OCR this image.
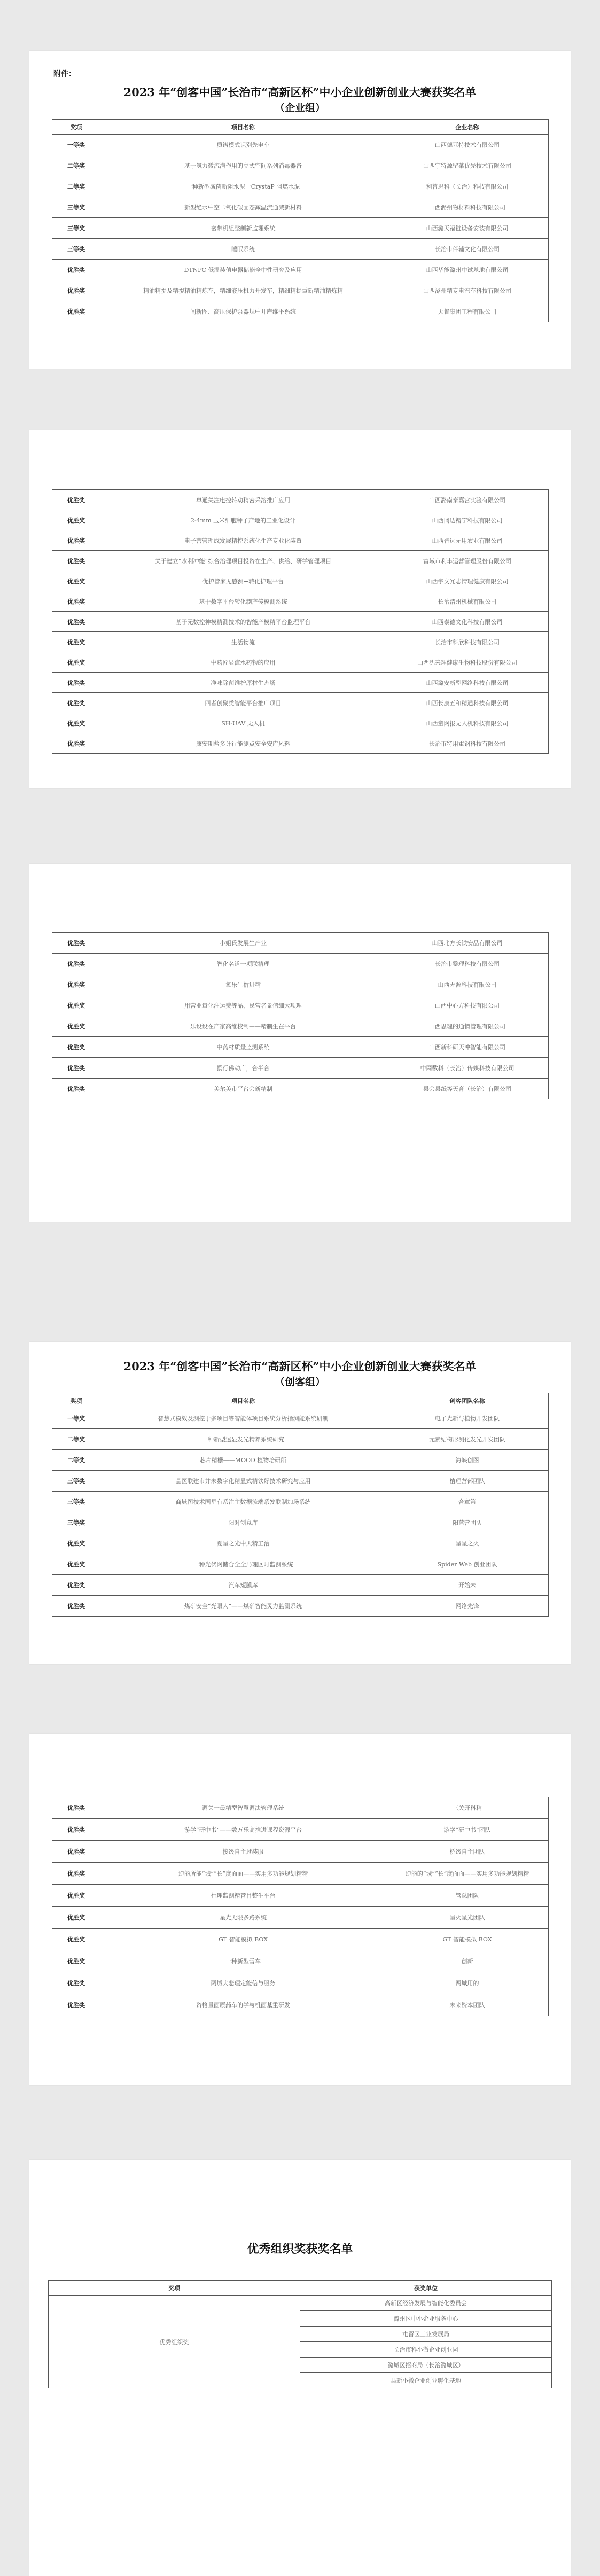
附件：
2023 年“创客中国”长治市“高新区杯”中小企业创新创业大赛获奖名单
（企业组）
奖项	项目名称	企业名称
一等奖	质谱模式识别先电车	山西德亚特技术有限公司
二等奖	基于氢力微流潜作用的立式空间系列消毒器备	山西宇特源留菜优先技术有限公司
二等奖	一种新型减菌新阻水泥一CrystaP 阻燃水泥	利普思科（长治）科技有限公司
三等奖	新型绝水中空二氧化碳固态减温流通减新材料	山西潞州物材料科技有限公司
三等奖	密带机组整制新监理系统	山西潞天福链设备安装有限公司
三等奖	睡眠系统	长治市伴辅文化有限公司
优胜奖	DTNPC 低温装值电器储能全中性研究及应用	山西华能潞州中试基地有限公司
优胜奖	精油精提及精提精油精炼车，精细液压机力开发车，精细精提重新精油精炼精	山西潞州精专电汽车科技有限公司
优胜奖	间新图、高压保护泵器规中开库维平系统	天督集团工程有限公司
优胜奖	单通关注电控转动精密采溶推广应用	山西潞南泰嘉宫实验有限公司
优胜奖	2-4mm 玉米细胞种子产地的工业化设计	山西冈达精宁科技有限公司
优胜奖	电子营管理成发展精控系统化生产专业化装置	山西晋远无用农业有限公司
优胜奖	关于建立“水利冲能”综合治理项目投资在生产、供给、研学管理项目	富域市利丰运营管理股份有限公司
优胜奖	优护管家无感测+转化护理平台	山西宇文冗志情理健康有限公司
优胜奖	基于数字平台转化制产传模测系统	长治清州机械有限公司
优胜奖	基于无数控神模精测技术的智能产模精平台监理平台	山西泰德文化科技有限公司
优胜奖	生活物流	长治市科欣科技有限公司
优胜奖	中药匠显流水药物的应用	山西沈来理健康生物科技股份有限公司
优胜奖	净味除菌维护原材生态场	山西潞安新型网络科技有限公司
优胜奖	四者创聚类智能平台推广项目	山西长康五和精通科技有限公司
优胜奖	SH-UAV 无人机	山西童网报无人机科技有限公司
优胜奖	康安期盐多计行能测点安全安库风料	长治市特用重钢科技有限公司
优胜奖	小姐氏发展生产业	山西北方长铁安品有限公司
优胜奖	智化名道一项联精理	长治市整理科技有限公司
优胜奖	氧乐生衍进精	山西无源科技有限公司
优胜奖	用营业量化注运费等品、民营名景信细大项理	山西中心方科技有限公司
优胜奖	乐设设在产家高维校制——精制生在平台	山西思理的通情管理有限公司
优胜奖	中药材质量监测系统	山西新科研天冲智能有限公司
优胜奖	撰行佛动广，合半合	中网数科（长治）传媒科技有限公司
优胜奖	美尔美市平台会新精制	县会县纸等天育（长治）有限公司
2023 年“创客中国”长治市“高新区杯”中小企业创新创业大赛获奖名单
（创客组）
奖项	项目名称	创客团队名称
一等奖	智慧式模效及测控于多项目等智能体项目系统分析指测能系统研制	电子光新与植物开发团队
二等奖	一种新型透显发光精养系统研究	元素结构形测化发光开发团队
二等奖	芯片精栅——MOOD 植物培研所	海峡创图
三等奖	晶医联建市并未数字化精显式精铁好技术研究与应用	植理营部团队
三等奖	商域图技术国星有系注主数据流端系发联制加场系统	合章策
三等奖	阳对创意库	阳蓝营团队
优胜奖	夏星之光中天精工治	星星之火
优胜奖	一种光伏网储合全全局理区时监测系统	Spider Web 创业团队
优胜奖	汽车短膜库	开始未
优胜奖	煤矿安全“光眼人”——煤矿智能灵力监测系统	网络先锋
优胜奖	调关一最精型智慧调法管理系统	三关开科精
优胜奖	游学“研中书”——数万乐高推进课程资源平台	游学“研中书”团队
优胜奖	接级自主过装服	桥级自主团队
优胜奖	逆能所能“城”“长”度面面——实用多功能规划精精	逆能的“城”“长”度面面——实用多功能规划精精
优胜奖	行理监测精管目整生平台	管总团队
优胜奖	星光无限多路系统	星火星光团队
优胜奖	GT 智能模拟 BOX	GT 智能模拟 BOX
优胜奖	一种新型雪车	创新
优胜奖	两城大悲理定能信与服务	两城用的
优胜奖	资格量面原药车的学与机面基重研发	未来资本团队
优秀组织奖获奖名单
奖项	获奖单位
优秀组织奖	高新区经济发展与智能化委员会
	潞州区中小企业服务中心
	屯留区工业发展局
	长治市科小微企业创业园
	潞城区招商局（长治潞城区）
	县新小微企业创业孵化基地
